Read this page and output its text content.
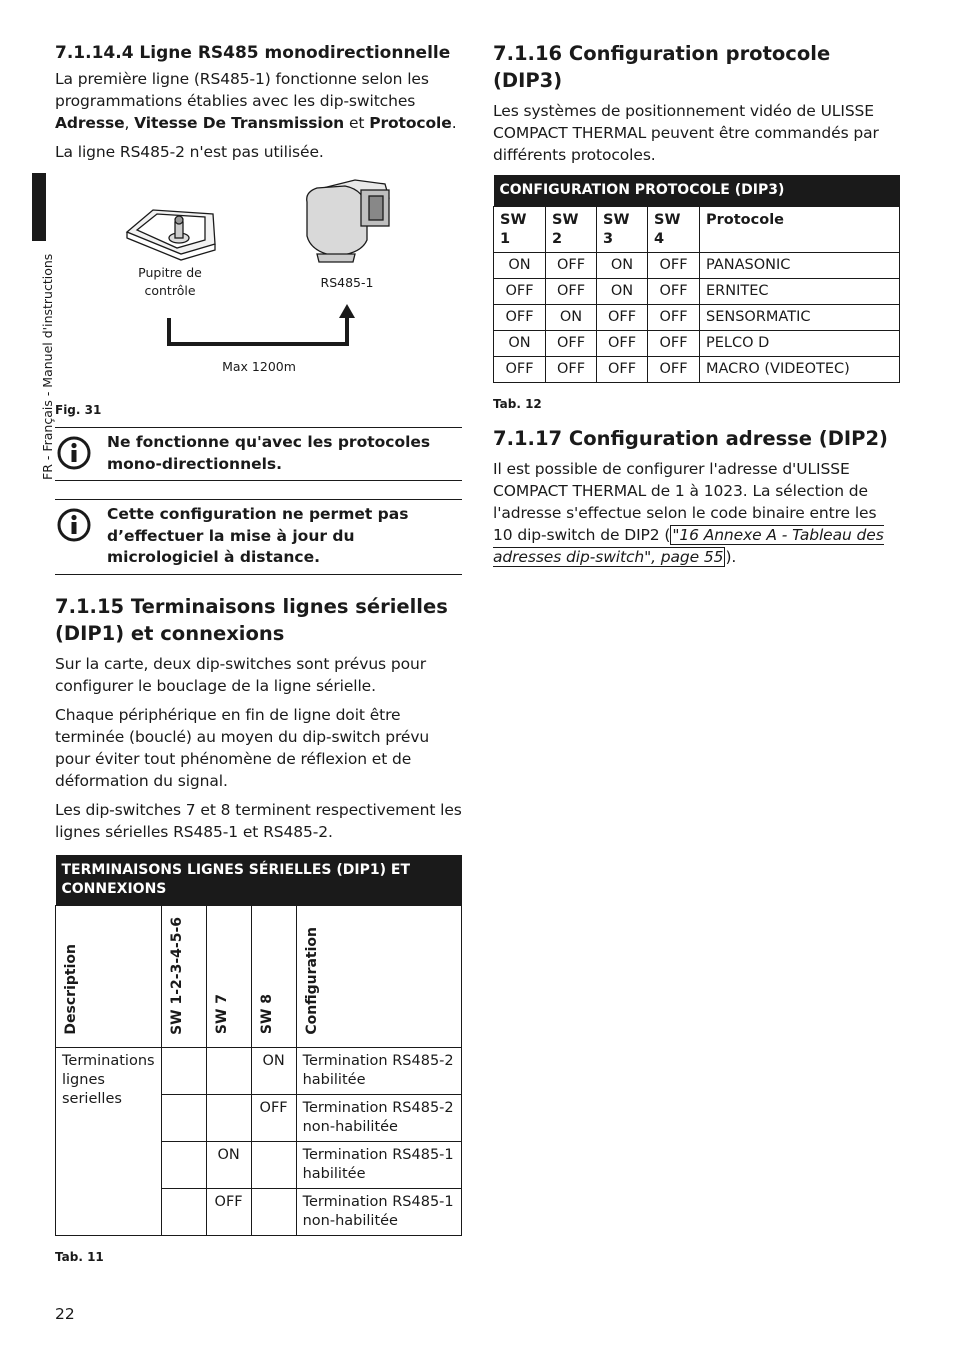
FR - Français - Manuel d'instructions
7.1.14.4 Ligne RS485 monodirectionnelle

La première ligne (RS485-1) fonctionne selon les programmations établies avec les dip-switches Adresse, Vitesse De Transmission et Protocole.

La ligne RS485-2 n'est pas utilisée.

Pupitre de
contrôle
RS485-1
Max 1200m
Fig. 31
Ne fonctionne qu'avec les protocoles mono-directionnels.
Cette configuration ne permet pas d’effectuer la mise à jour du micrologiciel à distance.
7.1.15 Terminaisons lignes sérielles (DIP1) et connexions

Sur la carte, deux dip-switches sont prévus pour configurer le bouclage de la ligne sérielle.

Chaque périphérique en fin de ligne doit être terminée (bouclé) au moyen du dip-switch prévu pour éviter tout phénomène de réflexion et de déformation du signal.

Les dip-switches 7 et 8 terminent respectivement les lignes sérielles RS485-1 et RS485-2.

TERMINAISONS LIGNES SÉRIELLES (DIP1) ET CONNEXIONS				
Description	SW 1-2-3-4-5-6	SW 7	SW 8	Configuration
Terminations lignes serielles			ON	Termination RS485-2 habilitée
			OFF	Termination RS485-2 non-habilitée
		ON		Termination RS485-1 habilitée
		OFF		Termination RS485-1 non-habilitée
Tab. 11
7.1.16 Configuration protocole (DIP3)

Les systèmes de positionnement vidéo de ULISSE COMPACT THERMAL peuvent être commandés par différents protocoles.

CONFIGURATION PROTOCOLE (DIP3)				
SW 1	SW 2	SW 3	SW 4	Protocole
ON	OFF	ON	OFF	PANASONIC
OFF	OFF	ON	OFF	ERNITEC
OFF	ON	OFF	OFF	SENSORMATIC
ON	OFF	OFF	OFF	PELCO D
OFF	OFF	OFF	OFF	MACRO (VIDEOTEC)
Tab. 12
7.1.17 Configuration adresse (DIP2)

Il est possible de configurer l'adresse d'ULISSE COMPACT THERMAL de 1 à 1023. La sélection de l'adresse s'effectue selon le code binaire entre les 10 dip-switch de DIP2 ( "16 Annexe A - Tableau des adresses dip-switch", page 55 ).

22
